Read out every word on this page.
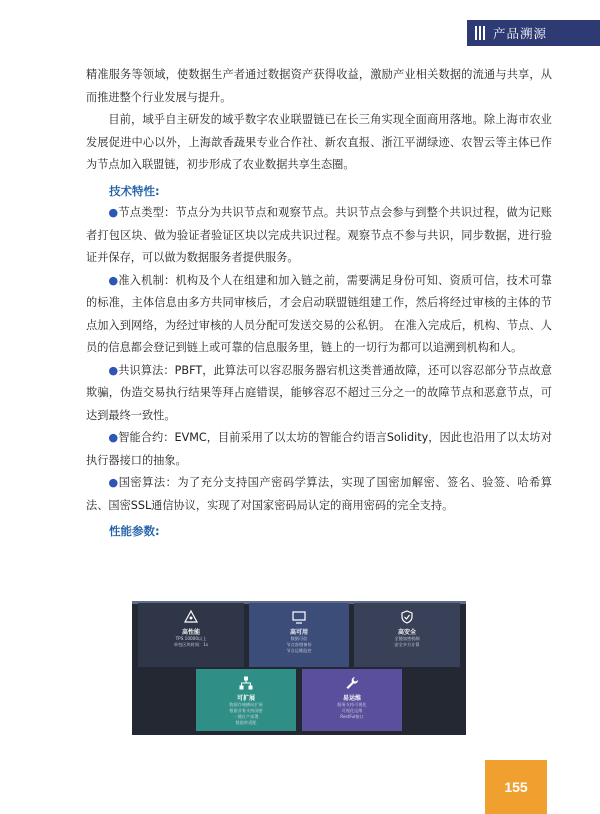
产品溯源

精准服务等领域，使数据生产者通过数据资产获得收益，激励产业相关数据的流通与共享，从而推进整个行业发展与提升。

目前，域乎自主研发的域乎数字农业联盟链已在长三角实现全面商用落地。除上海市农业发展促进中心以外，上海歆香蔬果专业合作社、新农直报、浙江平湖绿迹、农智云等主体已作为节点加入联盟链，初步形成了农业数据共享生态圈。

技术特性:

●节点类型：节点分为共识节点和观察节点。共识节点会参与到整个共识过程，做为记账者打包区块、做为验证者验证区块以完成共识过程。观察节点不参与共识，同步数据，进行验证并保存，可以做为数据服务者提供服务。

●准入机制：机构及个人在组建和加入链之前，需要满足身份可知、资质可信，技术可靠的标准，主体信息由多方共同审核后，才会启动联盟链组建工作，然后将经过审核的主体的节点加入到网络，为经过审核的人员分配可发送交易的公私钥。 在准入完成后，机构、节点、人员的信息都会登记到链上或可靠的信息服务里，链上的一切行为都可以追溯到机构和人。

●共识算法：PBFT，此算法可以容忍服务器宕机这类普通故障，还可以容忍部分节点故意欺骗，伪造交易执行结果等拜占庭错误，能够容忍不超过三分之一的故障节点和恶意节点，可达到最终一致性。

●智能合约：EVMC，目前采用了以太坊的智能合约语言Solidity，因此也沿用了以太坊对执行器接口的抽象。

●国密算法：为了充分支持国产密码学算法，实现了国密加解密、签名、验签、哈希算法、国密SSL通信协议，实现了对国家密码局认定的商用密码的完全支持。

性能参数:

高性能
TPS 10000以上
单包区块时间：1s
高可用
数据可信
节点容错备份
节点运维监控
高安全
全链加密机制
安全多方计算
可扩展
数据存储横向扩展
根据业务支持国密
一键区产部署
数据库适配
易运维
服务支持可视化
可视化运维
RestFul接口
155
